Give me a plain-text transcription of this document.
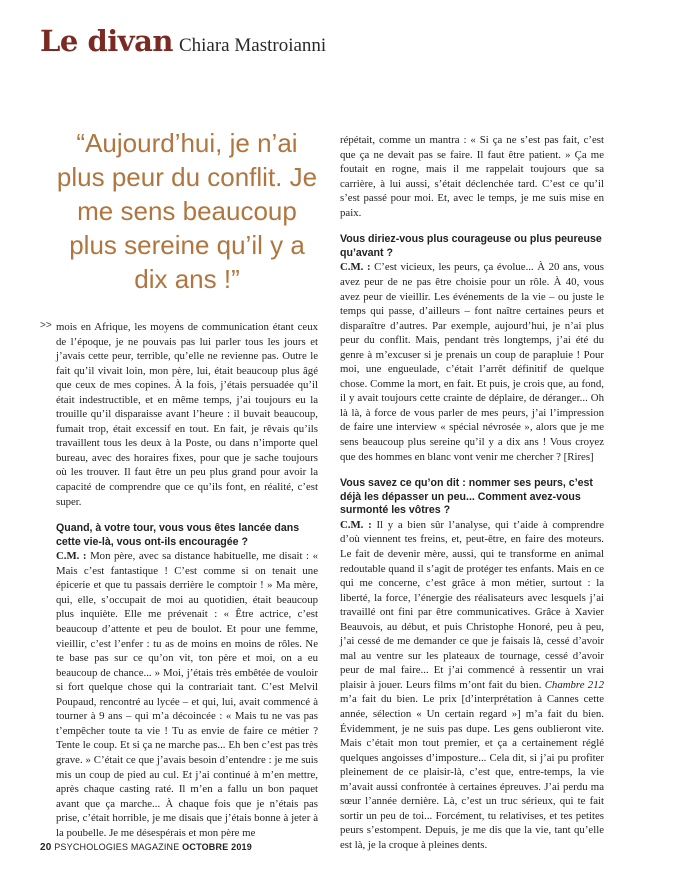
Le divan Chiara Mastroianni

“Aujourd’hui, je n’ai plus peur du conflit. Je me sens beaucoup plus sereine qu’il y a dix ans !”

>> mois en Afrique, les moyens de communication étant ceux de l’époque, je ne pouvais pas lui parler tous les jours et j’avais cette peur, terrible, qu’elle ne revienne pas. Outre le fait qu’il vivait loin, mon père, lui, était beaucoup plus âgé que ceux de mes copines. À la fois, j’étais persuadée qu’il était indestructible, et en même temps, j’ai toujours eu la trouille qu’il disparaisse avant l’heure : il buvait beaucoup, fumait trop, était excessif en tout. En fait, je rêvais qu’ils travaillent tous les deux à la Poste, ou dans n’importe quel bureau, avec des horaires fixes, pour que je sache toujours où les trouver. Il faut être un peu plus grand pour avoir la capacité de comprendre que ce qu’ils font, en réalité, c’est super.

Quand, à votre tour, vous vous êtes lancée dans cette vie-là, vous ont-ils encouragée ?

C.M. : Mon père, avec sa distance habituelle, me disait : « Mais c’est fantastique ! C’est comme si on tenait une épicerie et que tu passais derrière le comptoir ! » Ma mère, qui, elle, s’occupait de moi au quotidien, était beaucoup plus inquiète. Elle me prévenait : « Être actrice, c’est beaucoup d’attente et peu de boulot. Et pour une femme, vieillir, c’est l’enfer : tu as de moins en moins de rôles. Ne te base pas sur ce qu’on vit, ton père et moi, on a eu beaucoup de chance... » Moi, j’étais très embêtée de vouloir si fort quelque chose qui la contrariait tant. C’est Melvil Poupaud, rencontré au lycée – et qui, lui, avait commencé à tourner à 9 ans – qui m’a décoincée : « Mais tu ne vas pas t’empêcher toute ta vie ! Tu as envie de faire ce métier ? Tente le coup. Et si ça ne marche pas... Eh ben c’est pas très grave. » C’était ce que j’avais besoin d’entendre : je me suis mis un coup de pied au cul. Et j’ai continué à m’en mettre, après chaque casting raté. Il m’en a fallu un bon paquet avant que ça marche... À chaque fois que je n’étais pas prise, c’était horrible, je me disais que j’étais bonne à jeter à la poubelle. Je me désespérais et mon père me

répétait, comme un mantra : « Si ça ne s’est pas fait, c’est que ça ne devait pas se faire. Il faut être patient. » Ça me foutait en rogne, mais il me rappelait toujours que sa carrière, à lui aussi, s’était déclenchée tard. C’est ce qu’il s’est passé pour moi. Et, avec le temps, je me suis mise en paix.

Vous diriez-vous plus courageuse ou plus peureuse qu’avant ?

C.M. : C’est vicieux, les peurs, ça évolue... À 20 ans, vous avez peur de ne pas être choisie pour un rôle. À 40, vous avez peur de vieillir. Les événements de la vie – ou juste le temps qui passe, d’ailleurs – font naître certaines peurs et disparaître d’autres. Par exemple, aujourd’hui, je n’ai plus peur du conflit. Mais, pendant très longtemps, j’ai été du genre à m’excuser si je prenais un coup de parapluie ! Pour moi, une engueulade, c’était l’arrêt définitif de quelque chose. Comme la mort, en fait. Et puis, je crois que, au fond, il y avait toujours cette crainte de déplaire, de déranger... Oh là là, à force de vous parler de mes peurs, j’ai l’impression de faire une interview « spécial névrosée », alors que je me sens beaucoup plus sereine qu’il y a dix ans ! Vous croyez que des hommes en blanc vont venir me chercher ? [Rires]

Vous savez ce qu’on dit : nommer ses peurs, c’est déjà les dépasser un peu... Comment avez-vous surmonté les vôtres ?

C.M. : Il y a bien sûr l’analyse, qui t’aide à comprendre d’où viennent tes freins, et, peut-être, en faire des moteurs. Le fait de devenir mère, aussi, qui te transforme en animal redoutable quand il s’agit de protéger tes enfants. Mais en ce qui me concerne, c’est grâce à mon métier, surtout : la liberté, la force, l’énergie des réalisateurs avec lesquels j’ai travaillé ont fini par être communicatives. Grâce à Xavier Beauvois, au début, et puis Christophe Honoré, peu à peu, j’ai cessé de me demander ce que je faisais là, cessé d’avoir mal au ventre sur les plateaux de tournage, cessé d’avoir peur de mal faire... Et j’ai commencé à ressentir un vrai plaisir à jouer. Leurs films m’ont fait du bien. Chambre 212 m’a fait du bien. Le prix [d’interprétation à Cannes cette année, sélection « Un certain regard »] m’a fait du bien. Évidemment, je ne suis pas dupe. Les gens oublieront vite. Mais c’était mon tout premier, et ça a certainement réglé quelques angoisses d’imposture... Cela dit, si j’ai pu profiter pleinement de ce plaisir-là, c’est que, entre-temps, la vie m’avait aussi confrontée à certaines épreuves. J’ai perdu ma sœur l’année dernière. Là, c’est un truc sérieux, qui te fait sortir un peu de toi... Forcément, tu relativises, et tes petites peurs s’estompent. Depuis, je me dis que la vie, tant qu’elle est là, je la croque à pleines dents.

20 PSYCHOLOGIES MAGAZINE OCTOBRE 2019
